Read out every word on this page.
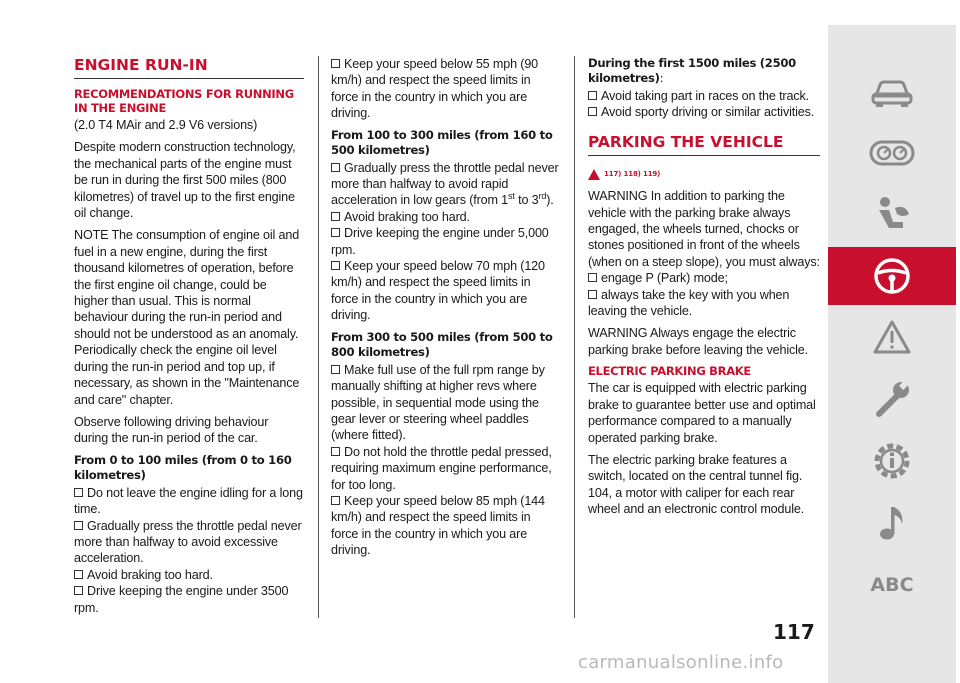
ENGINE RUN-IN
RECOMMENDATIONS FOR RUNNING IN THE ENGINE

(2.0 T4 MAir and 2.9 V6 versions)

Despite modern construction technology, the mechanical parts of the engine must be run in during the first 500 miles (800 kilometres) of travel up to the first engine oil change.

NOTE The consumption of engine oil and fuel in a new engine, during the first thousand kilometres of operation, before the first engine oil change, could be higher than usual. This is normal behaviour during the run-in period and should not be understood as an anomaly. Periodically check the engine oil level during the run-in period and top up, if necessary, as shown in the "Maintenance and care" chapter.

Observe following driving behaviour during the run-in period of the car.

From 0 to 100 miles (from 0 to 160 kilometres)
Do not leave the engine idling for a long time.
Gradually press the throttle pedal never more than halfway to avoid excessive acceleration.
Avoid braking too hard.
Drive keeping the engine under 3500 rpm.
Keep your speed below 55 mph (90 km/h) and respect the speed limits in force in the country in which you are driving.

From 100 to 300 miles (from 160 to 500 kilometres)
Gradually press the throttle pedal never more than halfway to avoid rapid acceleration in low gears (from 1st to 3rd).
Avoid braking too hard.
Drive keeping the engine under 5,000 rpm.
Keep your speed below 70 mph (120 km/h) and respect the speed limits in force in the country in which you are driving.

From 300 to 500 miles (from 500 to 800 kilometres)
Make full use of the full rpm range by manually shifting at higher revs where possible, in sequential mode using the gear lever or steering wheel paddles (where fitted).
Do not hold the throttle pedal pressed, requiring maximum engine performance, for too long.
Keep your speed below 85 mph (144 km/h) and respect the speed limits in force in the country in which you are driving.
During the first 1500 miles (2500 kilometres):
Avoid taking part in races on the track.
Avoid sporty driving or similar activities.
PARKING THE VEHICLE
117) 118) 119)

WARNING In addition to parking the vehicle with the parking brake always engaged, the wheels turned, chocks or stones positioned in front of the wheels (when on a steep slope), you must always:

engage P (Park) mode;
always take the key with you when leaving the vehicle.

WARNING Always engage the electric parking brake before leaving the vehicle.

ELECTRIC PARKING BRAKE

The car is equipped with electric parking brake to guarantee better use and optimal performance compared to a manually operated parking brake.

The electric parking brake features a switch, located on the central tunnel fig. 104, a motor with caliper for each rear wheel and an electronic control module.

ABC
117
carmanualsonline.info
